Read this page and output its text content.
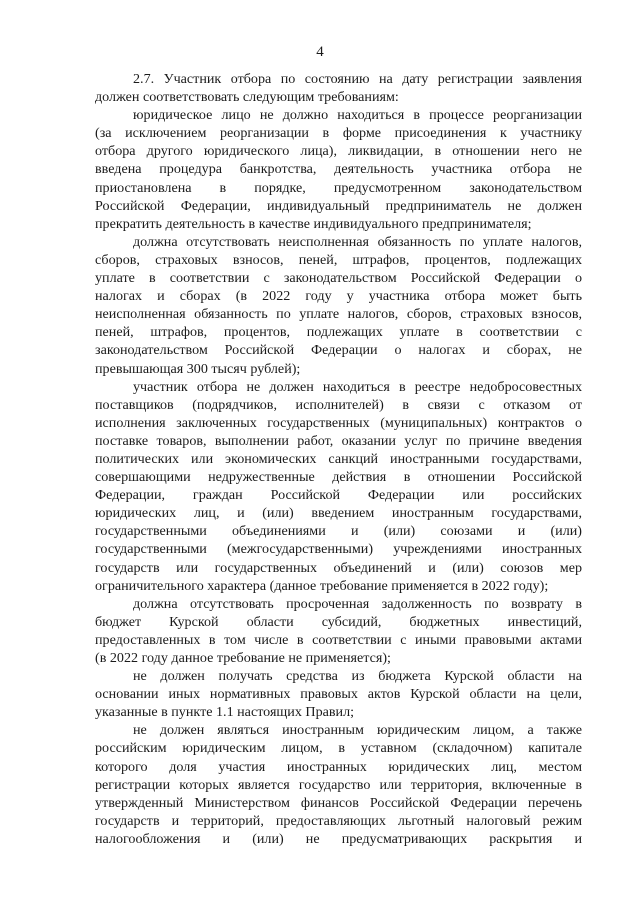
4
2.7. Участник отбора по состоянию на дату регистрации заявления
должен соответствовать следующим требованиям:
юридическое лицо не должно находиться в процессе реорганизации
(за исключением реорганизации в форме присоединения к участнику
отбора другого юридического лица), ликвидации, в отношении него не
введена процедура банкротства, деятельность участника отбора не
приостановлена в порядке, предусмотренном законодательством
Российской Федерации, индивидуальный предприниматель не должен
прекратить деятельность в качестве индивидуального предпринимателя;
должна отсутствовать неисполненная обязанность по уплате налогов,
сборов, страховых взносов, пеней, штрафов, процентов, подлежащих
уплате в соответствии с законодательством Российской Федерации о
налогах и сборах (в 2022 году у участника отбора может быть
неисполненная обязанность по уплате налогов, сборов, страховых взносов,
пеней, штрафов, процентов, подлежащих уплате в соответствии с
законодательством Российской Федерации о налогах и сборах, не
превышающая 300 тысяч рублей);
участник отбора не должен находиться в реестре недобросовестных
поставщиков (подрядчиков, исполнителей) в связи с отказом от
исполнения заключенных государственных (муниципальных) контрактов о
поставке товаров, выполнении работ, оказании услуг по причине введения
политических или экономических санкций иностранными государствами,
совершающими недружественные действия в отношении Российской
Федерации, граждан Российской Федерации или российских
юридических лиц, и (или) введением иностранным государствами,
государственными объединениями и (или) союзами и (или)
государственными (межгосударственными) учреждениями иностранных
государств или государственных объединений и (или) союзов мер
ограничительного характера (данное требование применяется в 2022 году);
должна отсутствовать просроченная задолженность по возврату в
бюджет Курской области субсидий, бюджетных инвестиций,
предоставленных в том числе в соответствии с иными правовыми актами
(в 2022 году данное требование не применяется);
не должен получать средства из бюджета Курской области на
основании иных нормативных правовых актов Курской области на цели,
указанные в пункте 1.1 настоящих Правил;
не должен являться иностранным юридическим лицом, а также
российским юридическим лицом, в уставном (складочном) капитале
которого доля участия иностранных юридических лиц, местом
регистрации которых является государство или территория, включенные в
утвержденный Министерством финансов Российской Федерации перечень
государств и территорий, предоставляющих льготный налоговый режим
налогообложения и (или) не предусматривающих раскрытия и
